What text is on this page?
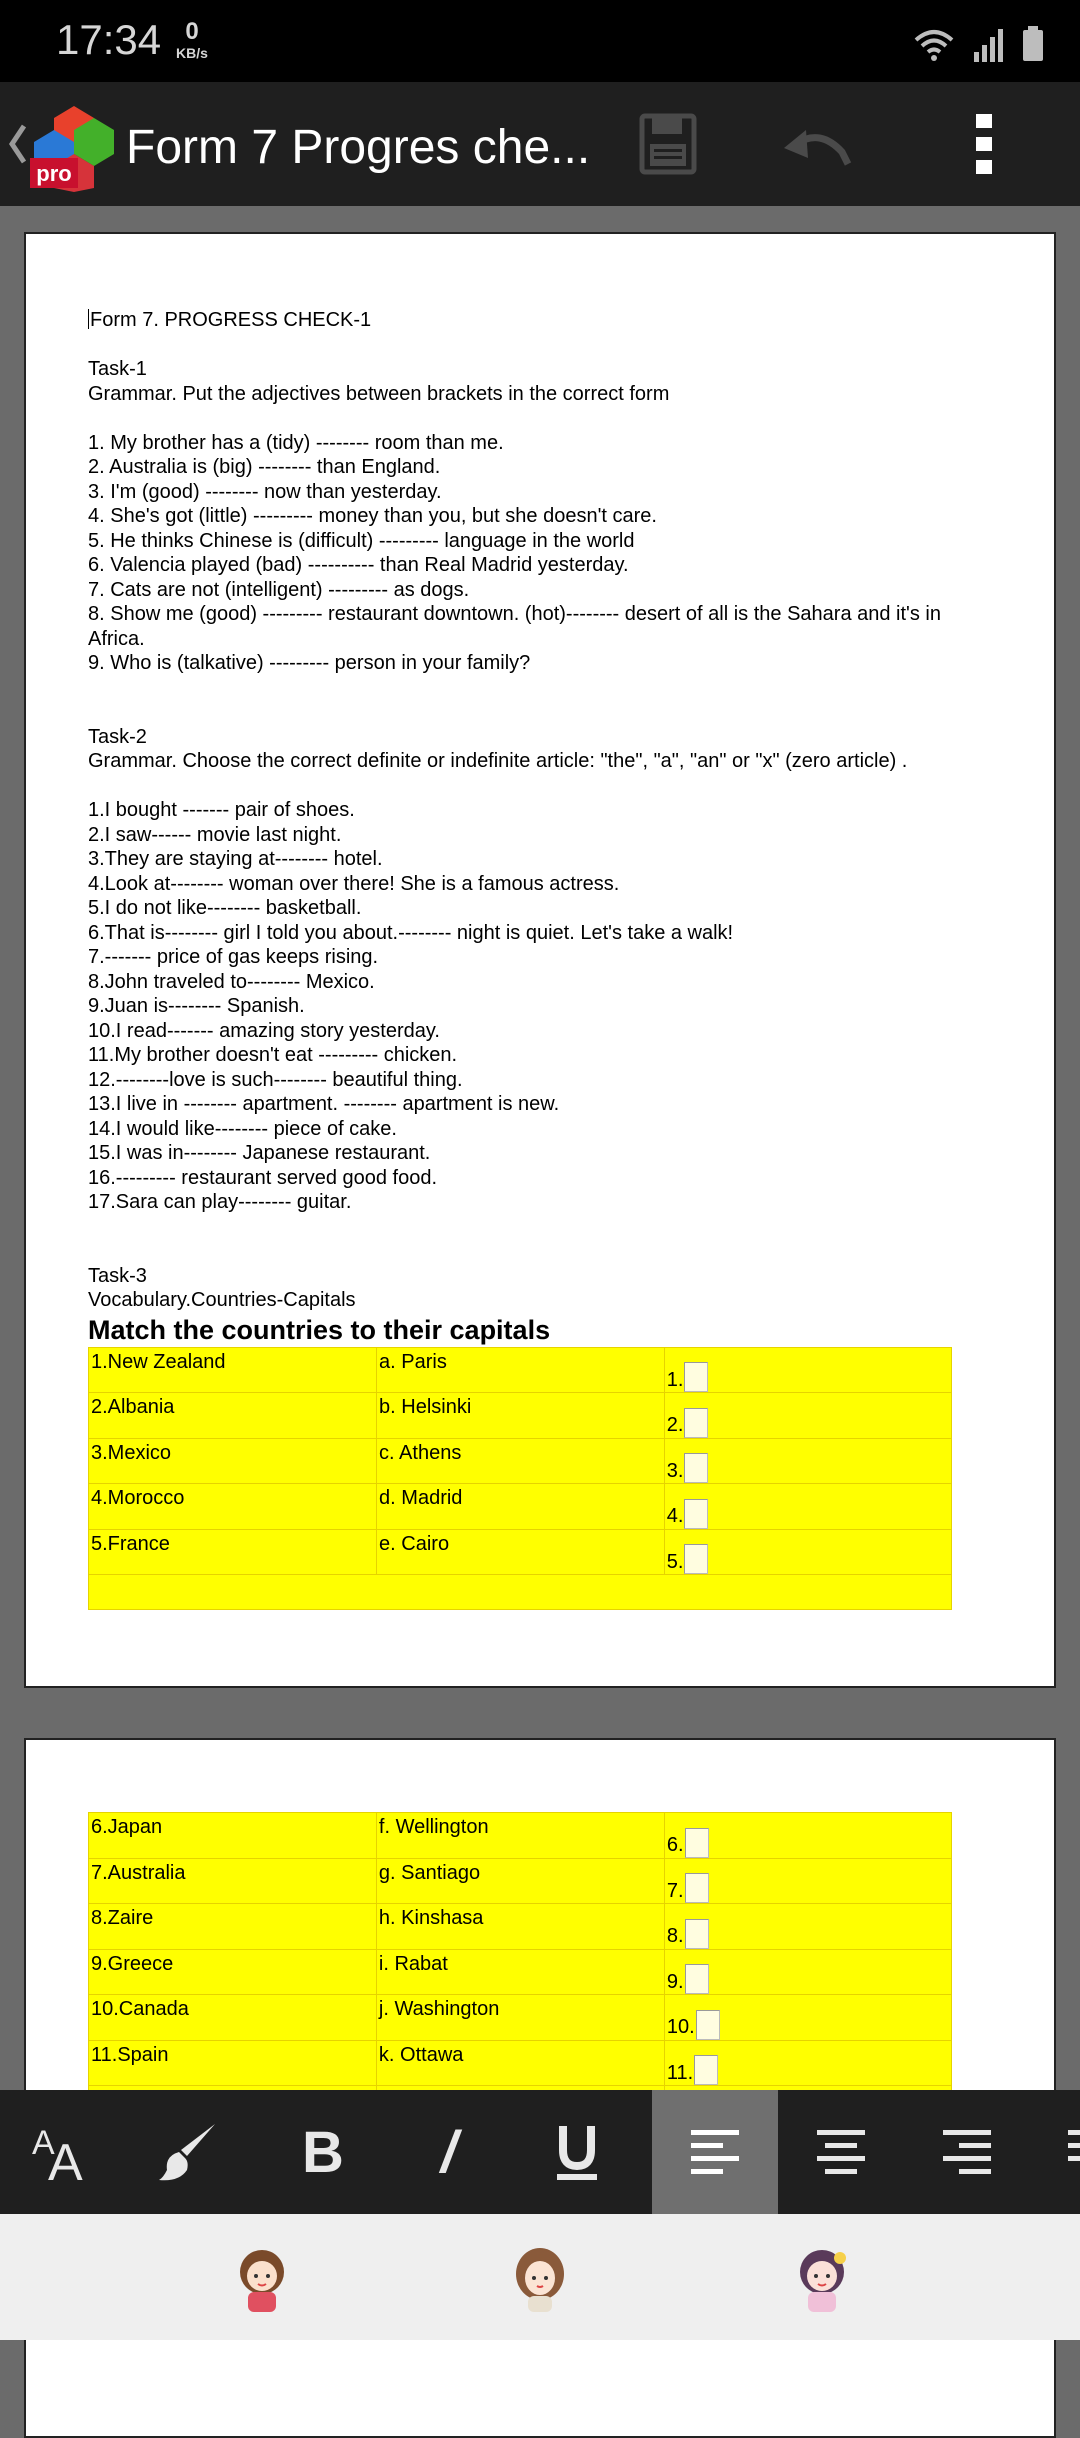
17:34	0
KB/s
pro Form 7 Progres che...

Form 7. PROGRESS CHECK-1

Task-1

Grammar. Put the adjectives between brackets in the correct form

1. My brother has a (tidy) -------- room than me.

2. Australia is (big) -------- than England.

3. I'm (good) -------- now than yesterday.

4. She's got (little) --------- money than you, but she doesn't care.

5. He thinks Chinese is (difficult) --------- language in the world

6. Valencia played (bad) ---------- than Real Madrid yesterday.

7. Cats are not (intelligent) --------- as dogs.

8. Show me (good) --------- restaurant downtown. (hot)-------- desert of all is the Sahara and it's in Africa.

9. Who is (talkative) --------- person in your family?

Task-2

Grammar. Choose the correct definite or indefinite article: "the", "a", "an" or "x" (zero article) .

1.I bought ------- pair of shoes.

2.I saw------ movie last night.

3.They are staying at-------- hotel.

4.Look at-------- woman over there! She is a famous actress.

5.I do not like-------- basketball.

6.That is-------- girl I told you about.-------- night is quiet. Let's take a walk!

7.------- price of gas keeps rising.

8.John traveled to-------- Mexico.

9.Juan is-------- Spanish.

10.I read------- amazing story yesterday.

11.My brother doesn't eat --------- chicken.

12.--------love is such-------- beautiful thing.

13.I live in -------- apartment. -------- apartment is new.

14.I would like-------- piece of cake.

15.I was in-------- Japanese restaurant.

16.--------- restaurant served good food.

17.Sara can play-------- guitar.

Task-3

Vocabulary.Countries-Capitals

Match the countries to their capitals

1.New Zealand	a. Paris	1.

2.Albania	b. Helsinki	2.

3.Mexico	c. Athens	3.

4.Morocco	d. Madrid	4.

5.France	e. Cairo	5.

6.Japan	f. Wellington	6.

7.Australia	g. Santiago	7.

8.Zaire	h. Kinshasa	8.

9.Greece	i. Rabat	9.

10.Canada	j. Washington	10.

11.Spain	k. Ottawa	11.

A
A	B	/
